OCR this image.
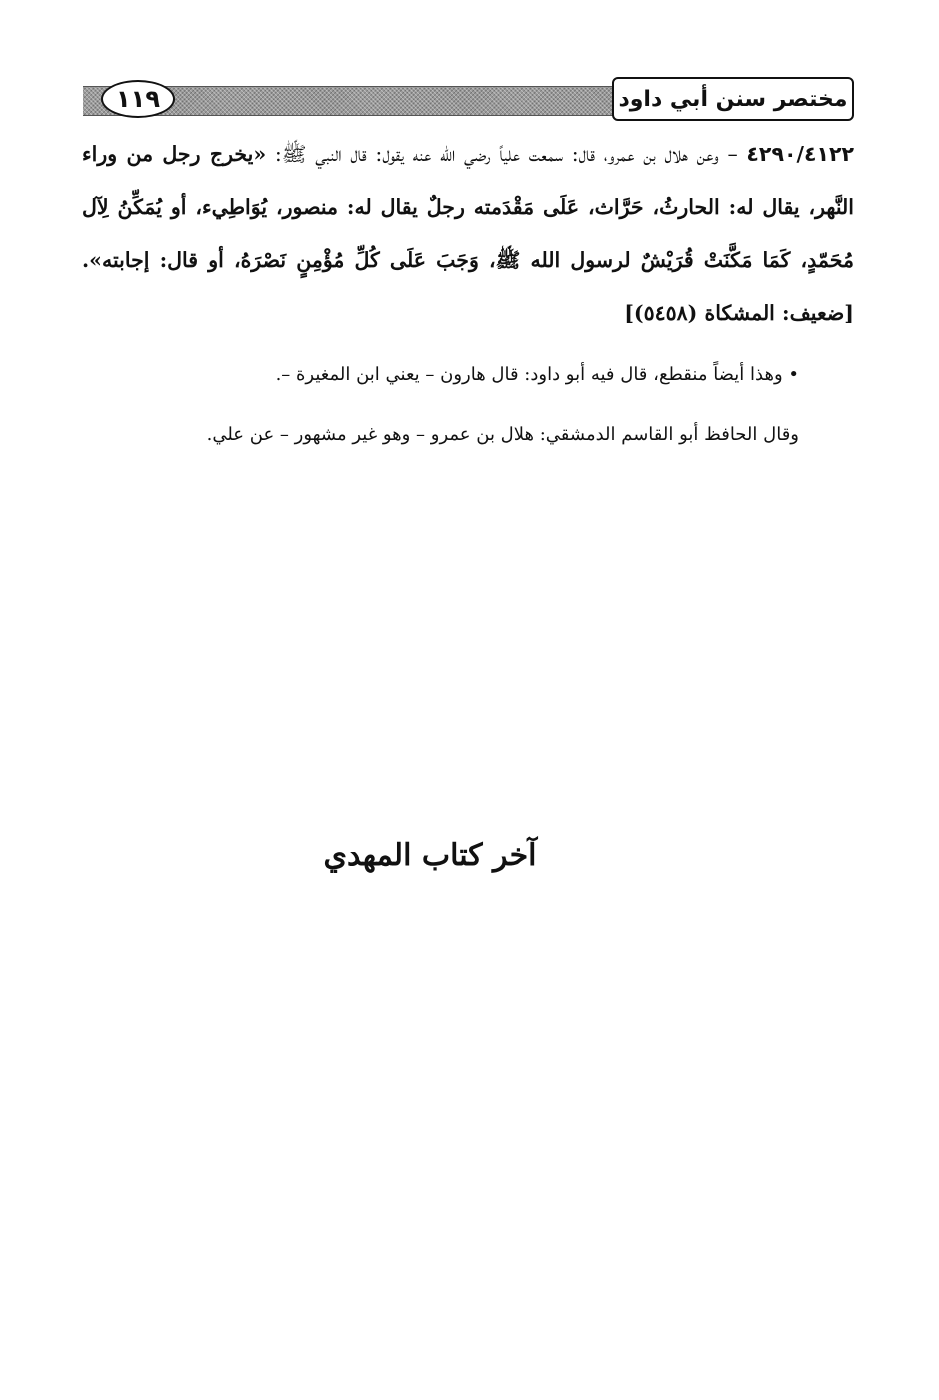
١١٩	مختصر سنن أبي داود
٤٢٩٠/٤١٢٢ – وعن هلال بن عمرو، قال: سمعت علياً رضي الله عنه يقول: قال النبي ﷺ: «يخرج رجل من وراء النَّهر، يقال له: الحارثُ، حَرَّاث، عَلَى مَقْدَمته رجلٌ يقال له: منصور، يُوَاطِيء، أو يُمَكِّنُ لِآل مُحَمّدٍ، كَمَا مَكَّنَتْ قُرَيْشٌ لرسول الله ﷺ، وَجَبَ عَلَى كُلِّ مُؤْمِنٍ نَصْرَهُ، أو قال: إجابته». [ضعيف: المشكاة (٥٤٥٨)]
• وهذا أيضاً منقطع، قال فيه أبو داود: قال هارون – يعني ابن المغيرة –.
وقال الحافظ أبو القاسم الدمشقي: هلال بن عمرو – وهو غير مشهور – عن علي.
آخر كتاب المهدي
